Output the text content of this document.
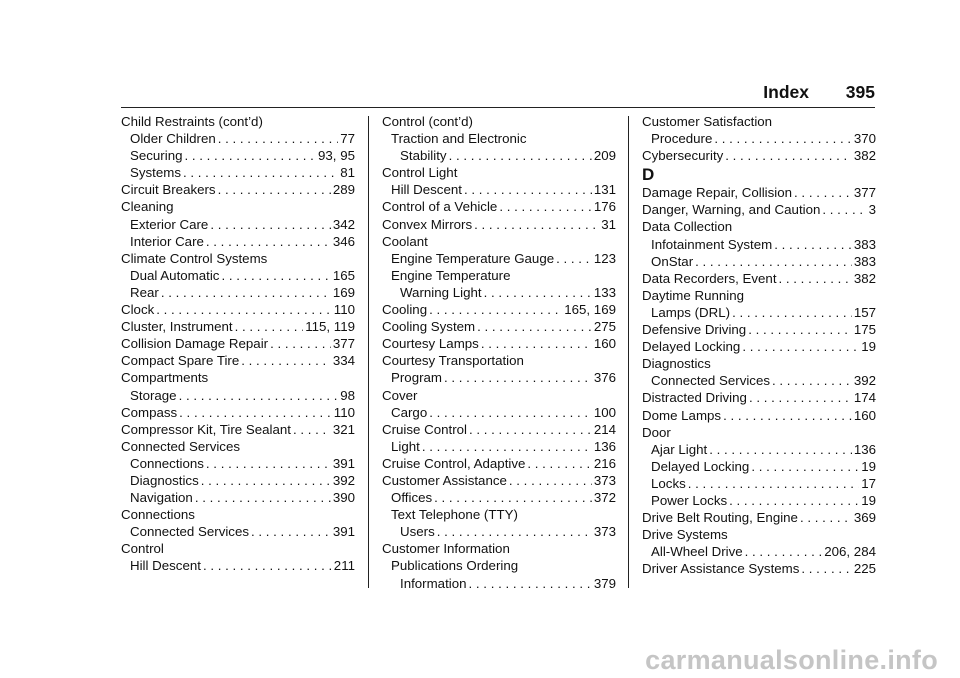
Index 395
Child Restraints (cont’d)
Older Children . . .	77
Securing . . .	93, 95
Systems . . .	81
Circuit Breakers . . .	289
Cleaning
Exterior Care . . .	342
Interior Care . . .	346
Climate Control Systems
Dual Automatic . . .	165
Rear . . .	169
Clock . . .	110
Cluster, Instrument . . .	115, 119
Collision Damage Repair . . .	377
Compact Spare Tire . . .	334
Compartments
Storage . . .	98
Compass . . .	110
Compressor Kit, Tire Sealant . . .	321
Connected Services
Connections . . .	391
Diagnostics . . .	392
Navigation . . .	390
Connections
Connected Services . . .	391
Control
Hill Descent . . .	211
Control (cont’d)
Traction and Electronic
Stability . . .	209
Control Light
Hill Descent . . .	131
Control of a Vehicle . . .	176
Convex Mirrors . . .	31
Coolant
Engine Temperature Gauge . . .	123
Engine Temperature
Warning Light . . .	133
Cooling . . .	165, 169
Cooling System . . .	275
Courtesy Lamps . . .	160
Courtesy Transportation
Program . . .	376
Cover
Cargo . . .	100
Cruise Control . . .	214
Light . . .	136
Cruise Control, Adaptive . . .	216
Customer Assistance . . .	373
Offices . . .	372
Text Telephone (TTY)
Users . . .	373
Customer Information
Publications Ordering
Information . . .	379
Customer Satisfaction
Procedure . . .	370
Cybersecurity . . .	382
D
Damage Repair, Collision . . .	377
Danger, Warning, and Caution . . .	3
Data Collection
Infotainment System . . .	383
OnStar . . .	383
Data Recorders, Event . . .	382
Daytime Running
Lamps (DRL) . . .	157
Defensive Driving . . .	175
Delayed Locking . . .	19
Diagnostics
Connected Services . . .	392
Distracted Driving . . .	174
Dome Lamps . . .	160
Door
Ajar Light . . .	136
Delayed Locking . . .	19
Locks . . .	17
Power Locks . . .	19
Drive Belt Routing, Engine . . .	369
Drive Systems
All-Wheel Drive . . .	206, 284
Driver Assistance Systems . . .	225
carmanualsonline.info
